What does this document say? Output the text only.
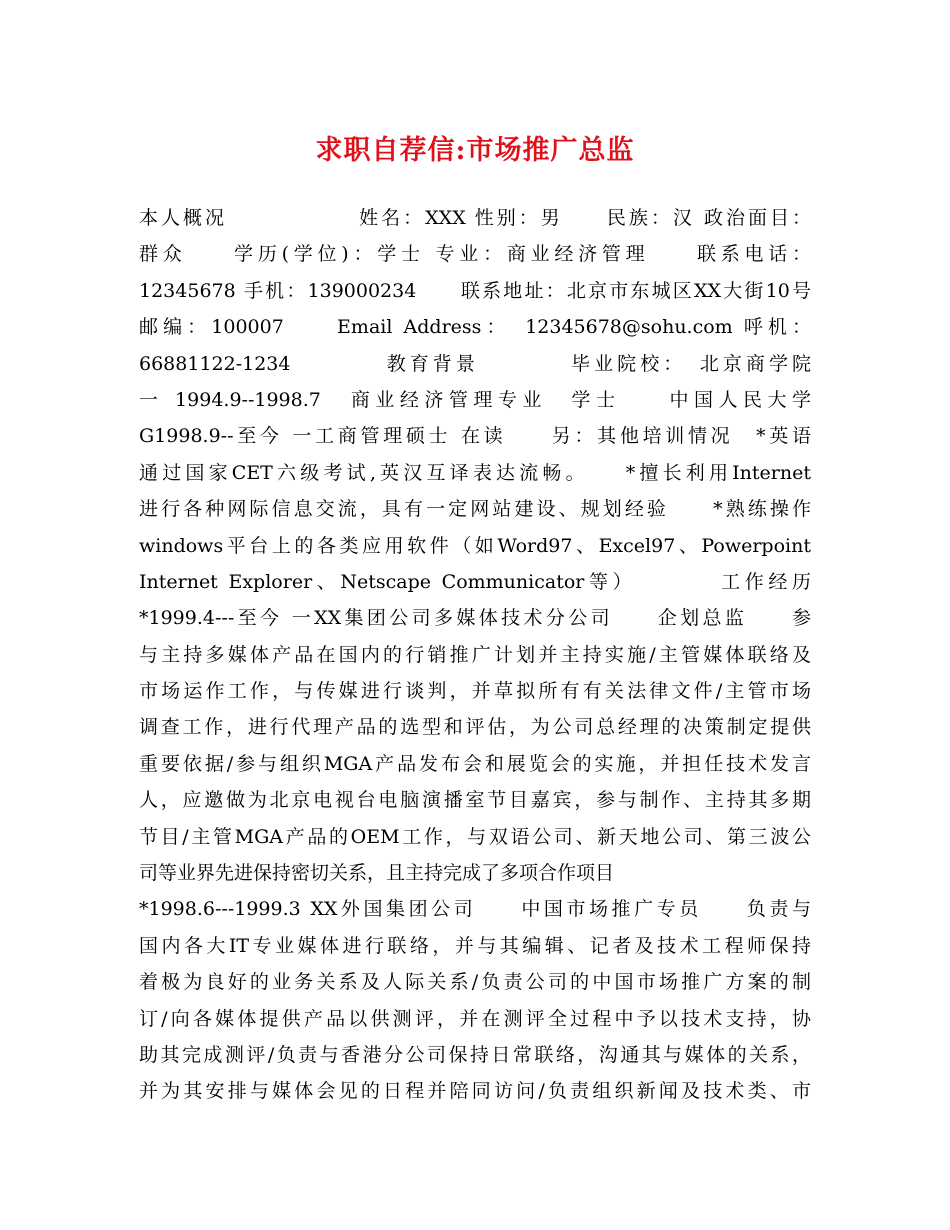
求职自荐信:市场推广总监
本人概况　　　　　　姓名：XXX 性别：男　　民族：汉 政治面目：
群众　　学历(学位)：学士 专业：商业经济管理　　联系电话：
12345678 手机：139000234　　联系地址：北京市东城区XX大街10号
邮编：100007　　Email Address：　12345678@sohu.com 呼机：
66881122-1234　　　　教育背景　　　　毕业院校：　北京商学院
一 1994.9--1998.7　商业经济管理专业　学士　　中国人民大学
G1998.9--至今 一工商管理硕士 在读　　另：其他培训情况　*英语
通过国家CET六级考试,英汉互译表达流畅。　　*擅长利用Internet
进行各种网际信息交流，具有一定网站建设、规划经验　　*熟练操作
windows平台上的各类应用软件（如Word97、Excel97、Powerpoint
Internet Explorer、Netscape Communicator等）　　　　工作经历
*1999.4---至今 一XX集团公司多媒体技术分公司　　企划总监　　参
与主持多媒体产品在国内的行销推广计划并主持实施/主管媒体联络及
市场运作工作，与传媒进行谈判，并草拟所有有关法律文件/主管市场
调查工作，进行代理产品的选型和评估，为公司总经理的决策制定提供
重要依据/参与组织MGA产品发布会和展览会的实施，并担任技术发言
人，应邀做为北京电视台电脑演播室节目嘉宾，参与制作、主持其多期
节目/主管MGA产品的OEM工作，与双语公司、新天地公司、第三波公
司等业界先进保持密切关系，且主持完成了多项合作项目
*1998.6---1999.3 XX外国集团公司　　中国市场推广专员　　负责与
国内各大IT专业媒体进行联络，并与其编辑、记者及技术工程师保持
着极为良好的业务关系及人际关系/负责公司的中国市场推广方案的制
订/向各媒体提供产品以供测评，并在测评全过程中予以技术支持，协
助其完成测评/负责与香港分公司保持日常联络，沟通其与媒体的关系，
并为其安排与媒体会见的日程并陪同访问/负责组织新闻及技术类、市
